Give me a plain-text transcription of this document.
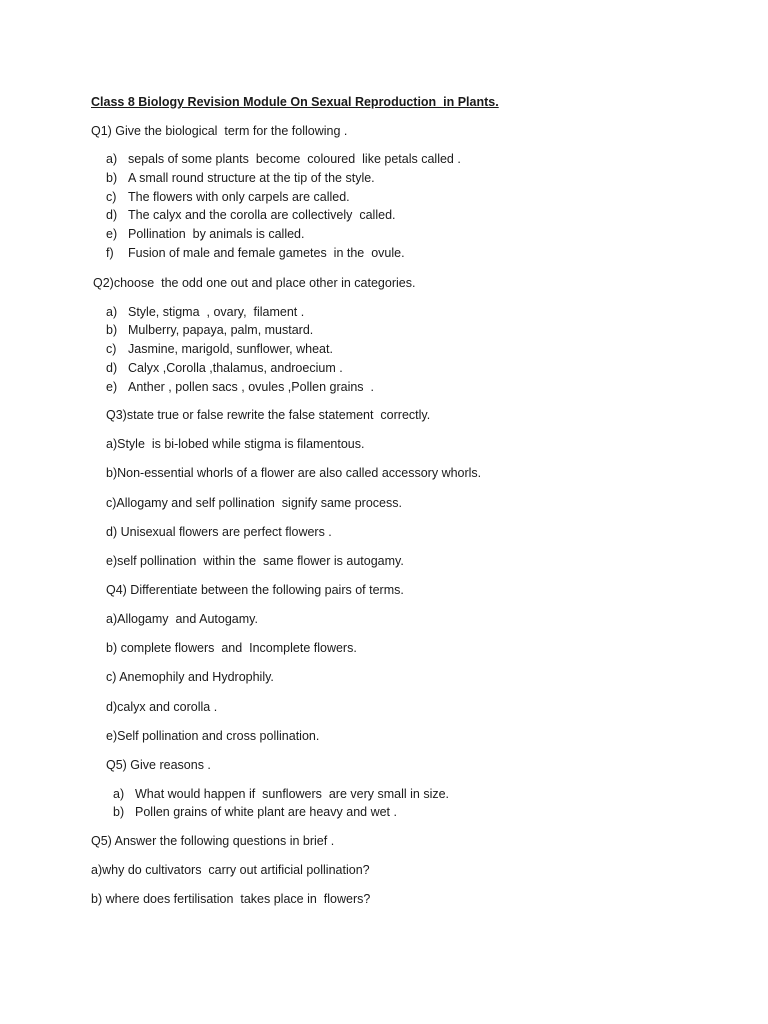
Class 8 Biology Revision Module On Sexual Reproduction  in Plants.
Q1) Give the biological  term for the following .
a) sepals of some plants  become  coloured  like petals called .
b) A small round structure at the tip of the style.
c) The flowers with only carpels are called.
d) The calyx and the corolla are collectively  called.
e) Pollination  by animals is called.
f) Fusion of male and female gametes  in the  ovule.
Q2)choose  the odd one out and place other in categories.
a) Style, stigma  , ovary,  filament .
b) Mulberry, papaya, palm, mustard.
c) Jasmine, marigold, sunflower, wheat.
d) Calyx ,Corolla ,thalamus, androecium .
e) Anther , pollen sacs , ovules ,Pollen grains  .
Q3)state true or false rewrite the false statement  correctly.
a)Style  is bi-lobed while stigma is filamentous.
b)Non-essential whorls of a flower are also called accessory whorls.
c)Allogamy and self pollination  signify same process.
d) Unisexual flowers are perfect flowers .
e)self pollination  within the  same flower is autogamy.
Q4) Differentiate between the following pairs of terms.
a)Allogamy  and Autogamy.
b) complete flowers  and  Incomplete flowers.
c) Anemophily and Hydrophily.
d)calyx and corolla .
e)Self pollination and cross pollination.
Q5) Give reasons .
a) What would happen if  sunflowers  are very small in size.
b) Pollen grains of white plant are heavy and wet .
Q5) Answer the following questions in brief .
a)why do cultivators  carry out artificial pollination?
b) where does fertilisation  takes place in  flowers?
